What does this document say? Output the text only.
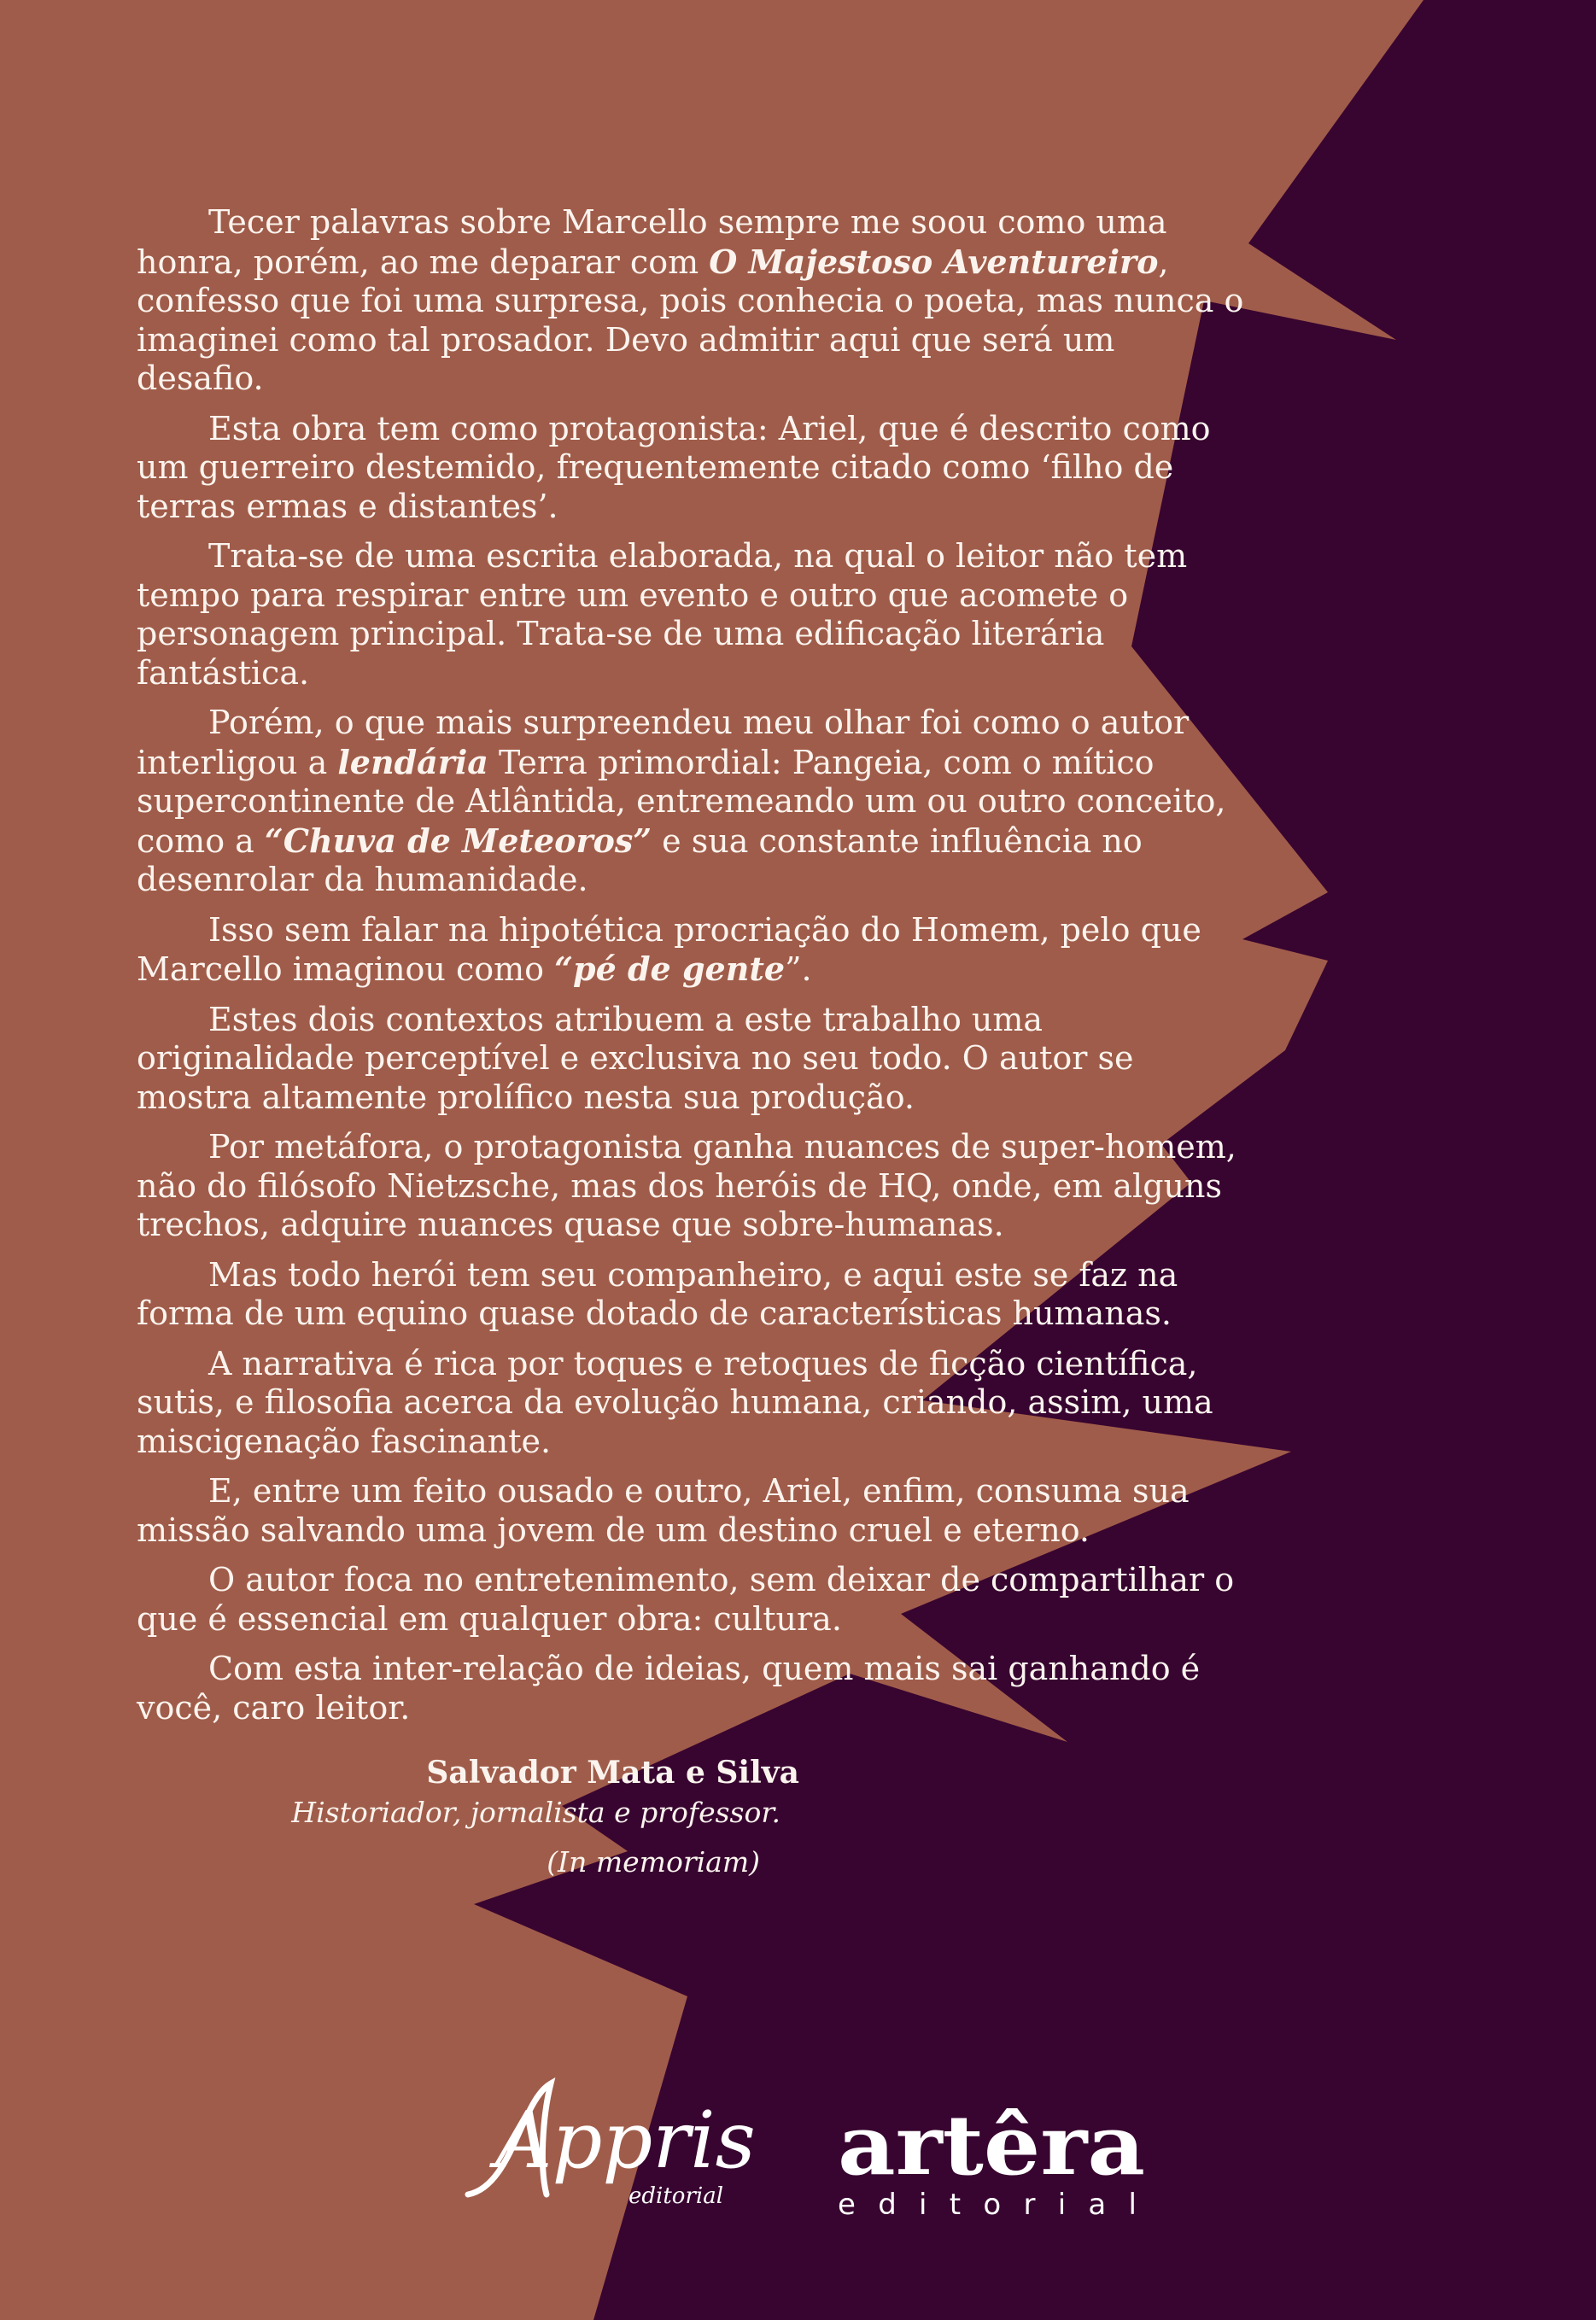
Tecer palavras sobre Marcello sempre me soou como uma honra, porém, ao me deparar com O Majestoso Aventureiro, confesso que foi uma surpresa, pois conhecia o poeta, mas nunca o imaginei como tal prosador. Devo admitir aqui que será um desafio.

Esta obra tem como protagonista: Ariel, que é descrito como um guerreiro destemido, frequentemente citado como ‘filho de terras ermas e distantes’.

Trata-se de uma escrita elaborada, na qual o leitor não tem tempo para respirar entre um evento e outro que acomete o personagem principal. Trata-se de uma edificação literária fantástica.

Porém, o que mais surpreendeu meu olhar foi como o autor interligou a lendária Terra primordial: Pangeia, com o mítico supercontinente de Atlântida, entremeando um ou outro conceito, como a “Chuva de Meteoros” e sua constante influência no desenrolar da humanidade.

Isso sem falar na hipotética procriação do Homem, pelo que Marcello imaginou como “pé de gente”.

Estes dois contextos atribuem a este trabalho uma originalidade perceptível e exclusiva no seu todo. O autor se mostra altamente prolífico nesta sua produção.

Por metáfora, o protagonista ganha nuances de super-homem, não do filósofo Nietzsche, mas dos heróis de HQ, onde, em alguns trechos, adquire nuances quase que sobre-humanas.

Mas todo herói tem seu companheiro, e aqui este se faz na forma de um equino quase dotado de características humanas.

A narrativa é rica por toques e retoques de ficção científica, sutis, e filosofia acerca da evolução humana, criando, assim, uma miscigenação fascinante.

E, entre um feito ousado e outro, Ariel, enfim, consuma sua missão salvando uma jovem de um destino cruel e eterno.

O autor foca no entretenimento, sem deixar de compartilhar o que é essencial em qualquer obra: cultura.

Com esta inter-relação de ideias, quem mais sai ganhando é você, caro leitor.

Salvador Mata e Silva
Historiador, jornalista e professor.
(In memoriam)
Appris
editorial
artêra
editorial
